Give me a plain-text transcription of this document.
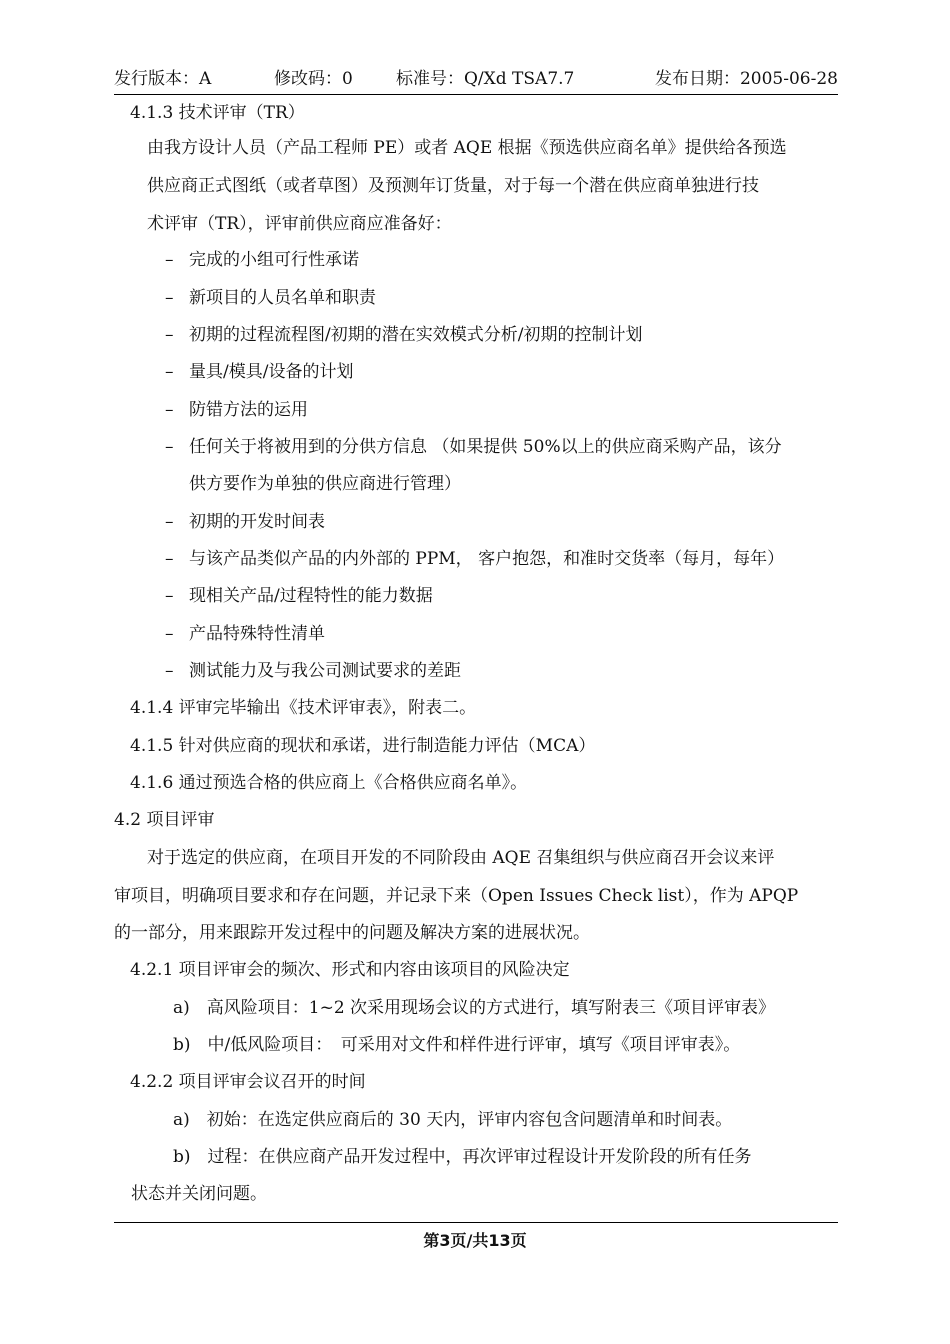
发行版本：A	修改码：0	标准号：Q/Xd TSA7.7	发布日期：2005-06-28
4.1.3 技术评审（TR）
由我方设计人员（产品工程师 PE）或者 AQE 根据《预选供应商名单》提供给各预选
供应商正式图纸（或者草图）及预测年订货量，对于每一个潜在供应商单独进行技
术评审（TR），评审前供应商应准备好：
– 完成的小组可行性承诺
– 新项目的人员名单和职责
– 初期的过程流程图/初期的潜在实效模式分析/初期的控制计划
– 量具/模具/设备的计划
– 防错方法的运用
– 任何关于将被用到的分供方信息 （如果提供 50%以上的供应商采购产品，该分
供方要作为单独的供应商进行管理）
– 初期的开发时间表
– 与该产品类似产品的内外部的 PPM， 客户抱怨，和准时交货率（每月，每年）
– 现相关产品/过程特性的能力数据
– 产品特殊特性清单
– 测试能力及与我公司测试要求的差距
4.1.4 评审完毕输出《技术评审表》，附表二。
4.1.5 针对供应商的现状和承诺，进行制造能力评估（MCA）
4.1.6 通过预选合格的供应商上《合格供应商名单》。
4.2 项目评审
对于选定的供应商，在项目开发的不同阶段由 AQE 召集组织与供应商召开会议来评
审项目，明确项目要求和存在问题，并记录下来（Open Issues Check list），作为 APQP
的一部分，用来跟踪开发过程中的问题及解决方案的进展状况。
4.2.1 项目评审会的频次、形式和内容由该项目的风险决定
a)　高风险项目：1~2 次采用现场会议的方式进行，填写附表三《项目评审表》
b)　中/低风险项目：　可采用对文件和样件进行评审，填写《项目评审表》。
4.2.2 项目评审会议召开的时间
a)　初始：在选定供应商后的 30 天内，评审内容包含问题清单和时间表。
b)　过程：在供应商产品开发过程中，再次评审过程设计开发阶段的所有任务
状态并关闭问题。
第3页/共13页
